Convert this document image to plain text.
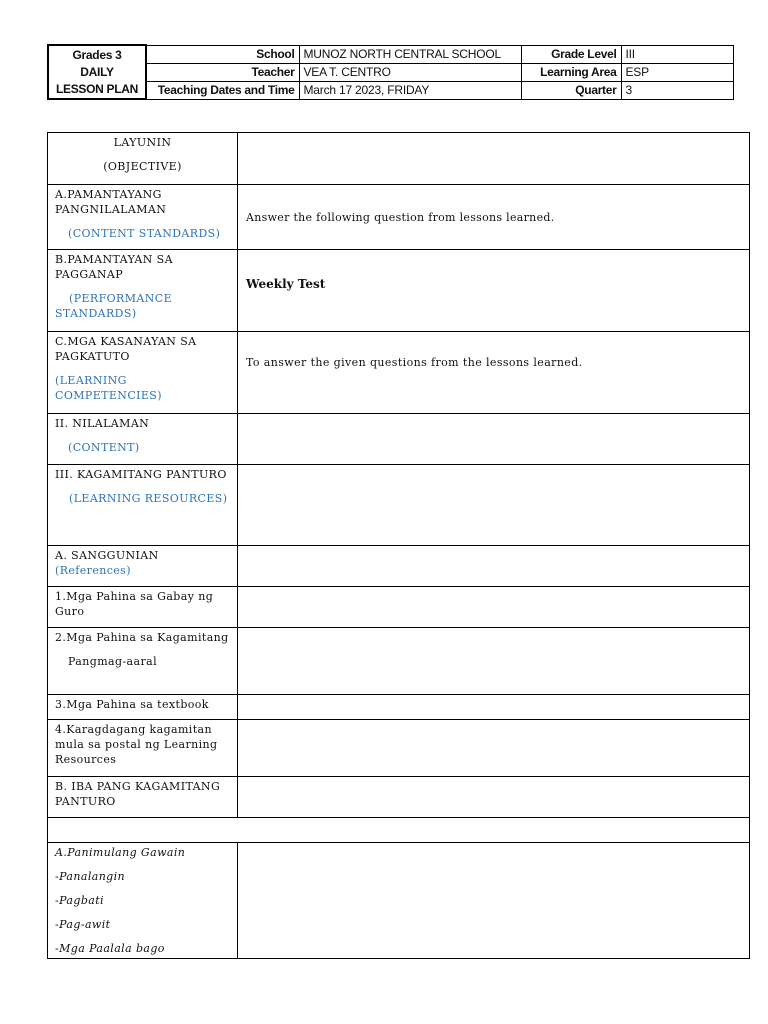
Grades 3
DAILY
LESSON PLAN	School	MUNOZ NORTH CENTRAL SCHOOL	Grade Level	III
	Teacher	VEA T. CENTRO	Learning Area	ESP
	Teaching Dates and Time	March 17 2023, FRIDAY	Quarter	3
LAYUNIN
(OBJECTIVE)	

A.PAMANTAYANG PANGNILALAMAN
(CONTENT STANDARDS)	Answer the following question from lessons learned.

B.PAMANTAYAN SA PAGGANAP
(PERFORMANCE STANDARDS)	Weekly Test

C.MGA KASANAYAN SA PAGKATUTO
(LEARNING COMPETENCIES)	To answer the given questions from the lessons learned.

II. NILALAMAN
(CONTENT)	

III. KAGAMITANG PANTURO
(LEARNING RESOURCES)	

A. SANGGUNIAN
(References)	

1.Mga Pahina sa Gabay ng Guro	

2.Mga Pahina sa Kagamitang
Pangmag-aaral	

3.Mga Pahina sa textbook	

4.Karagdagang kagamitan mula sa postal ng Learning Resources	

B. IBA PANG KAGAMITANG PANTURO	

A.Panimulang Gawain
-Panalangin
-Pagbati
-Pag-awit
-Mga Paalala bago	
